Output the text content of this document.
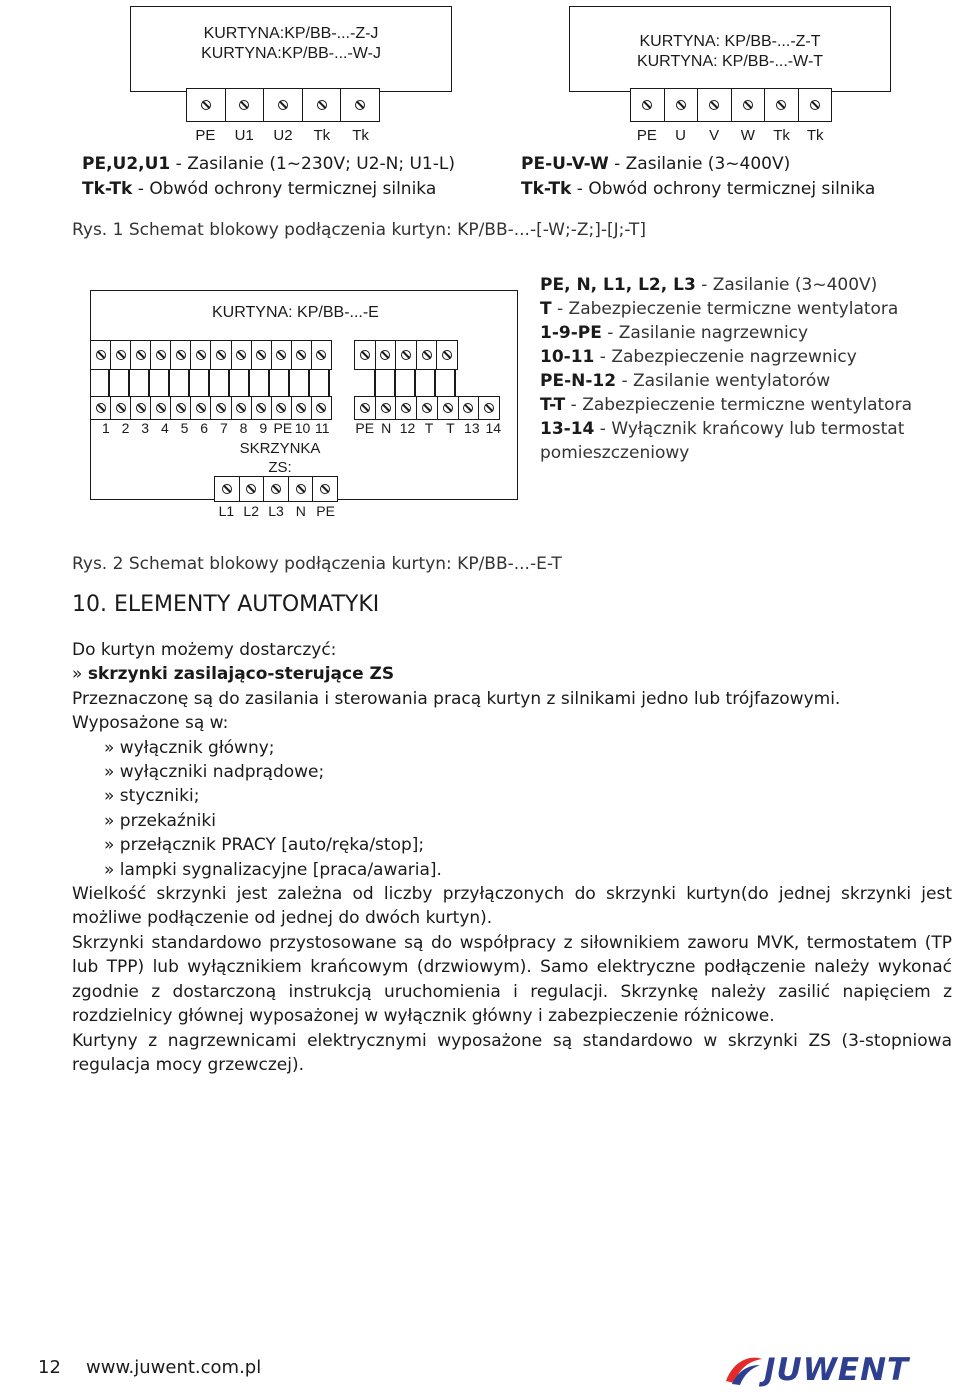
KURTYNA:KP/BB-...-Z-J
KURTYNA:KP/BB-...-W-J
PE	U1	U2	Tk	Tk
PE,U2,U1 - Zasilanie (1~230V; U2-N; U1-L)
Tk-Tk - Obwód ochrony termicznej silnika
KURTYNA: KP/BB-...-Z-T
KURTYNA: KP/BB-...-W-T
PE	U	V	W	Tk	Tk
PE-U-V-W - Zasilanie (3~400V)
Tk-Tk - Obwód ochrony termicznej silnika
Rys. 1 Schemat blokowy podłączenia kurtyn: KP/BB-...-[-W;-Z;]-[J;-T]
KURTYNA: KP/BB-...-E
1 2 3 4 5 6 7 8 9 PE 10 11 PE N 12 T T 13 14
SKRZYNKA ZS:
L1 L2 L3 N PE
PE, N, L1, L2, L3 - Zasilanie (3~400V)
T - Zabezpieczenie termiczne wentylatora
1-9-PE - Zasilanie nagrzewnicy
10-11 - Zabezpieczenie nagrzewnicy
PE-N-12 - Zasilanie wentylatorów
T-T - Zabezpieczenie termiczne wentylatora
13-14 - Wyłącznik krańcowy lub termostat
pomieszczeniowy
Rys. 2 Schemat blokowy podłączenia kurtyn: KP/BB-...-E-T
10. ELEMENTY AUTOMATYKI

Do kurtyn możemy dostarczyć:

» skrzynki zasilająco-sterujące ZS

Przeznaczonę są do zasilania i sterowania pracą kurtyn z silnikami jedno lub trójfazowymi.

Wyposażone są w:

» wyłącznik główny;

» wyłączniki nadprądowe;

» styczniki;

» przekaźniki

» przełącznik PRACY [auto/ręka/stop];

» lampki sygnalizacyjne [praca/awaria].

Wielkość skrzynki jest zależna od liczby przyłączonych do skrzynki kurtyn(do jednej skrzynki jest możliwe podłączenie od jednej do dwóch kurtyn).

Skrzynki standardowo przystosowane są do współpracy z siłownikiem zaworu MVK, termostatem (TP lub TPP) lub wyłącznikiem krańcowym (drzwiowym). Samo elektryczne podłączenie należy wykonać zgodnie z dostarczoną instrukcją uruchomienia i regulacji. Skrzynkę należy zasilić napięciem z rozdzielnicy głównej wyposażonej w wyłącznik główny i zabezpieczenie różnicowe.

Kurtyny z nagrzewnicami elektrycznymi wyposażone są standardowo w skrzynki ZS (3-stopniowa regulacja mocy grzewczej).

12 www.juwent.com.pl	JUWENT
